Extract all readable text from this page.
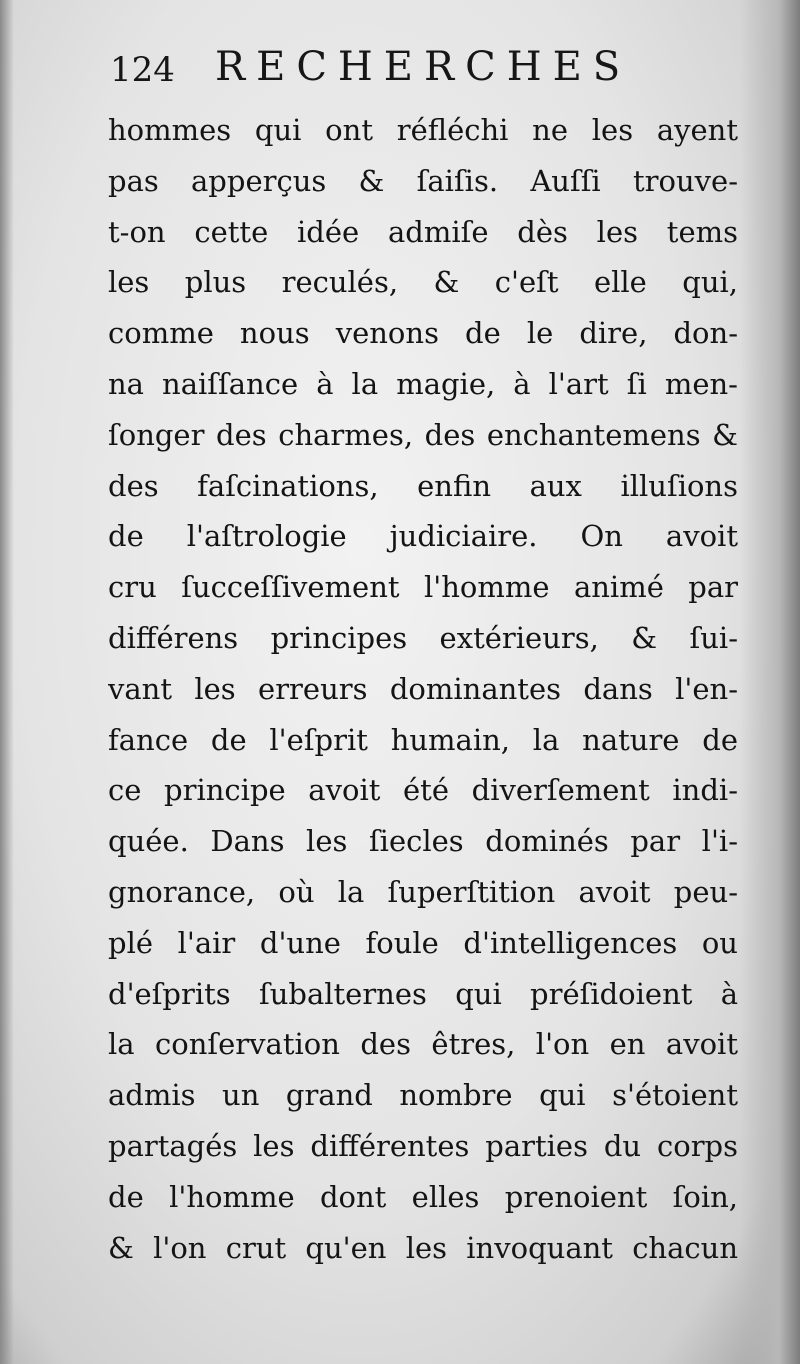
124 RECHERCHES
hommes qui ont réfléchi ne les ayent
pas apperçus & ſaiſis. Auſſi trouve-
t-on cette idée admiſe dès les tems
les plus reculés, & c'eſt elle qui,
comme nous venons de le dire, don-
na naiſſance à la magie, à l'art ſi men-
ſonger des charmes, des enchantemens &
des faſcinations, enfin aux illuſions
de l'aſtrologie judiciaire. On avoit
cru ſucceſſivement l'homme animé par
différens principes extérieurs, & ſui-
vant les erreurs dominantes dans l'en-
fance de l'eſprit humain, la nature de
ce principe avoit été diverſement indi-
quée. Dans les ſiecles dominés par l'i-
gnorance, où la ſuperſtition avoit peu-
plé l'air d'une foule d'intelligences ou
d'eſprits ſubalternes qui préſidoient à
la conſervation des êtres, l'on en avoit
admis un grand nombre qui s'étoient
partagés les différentes parties du corps
de l'homme dont elles prenoient ſoin,
& l'on crut qu'en les invoquant chacun
